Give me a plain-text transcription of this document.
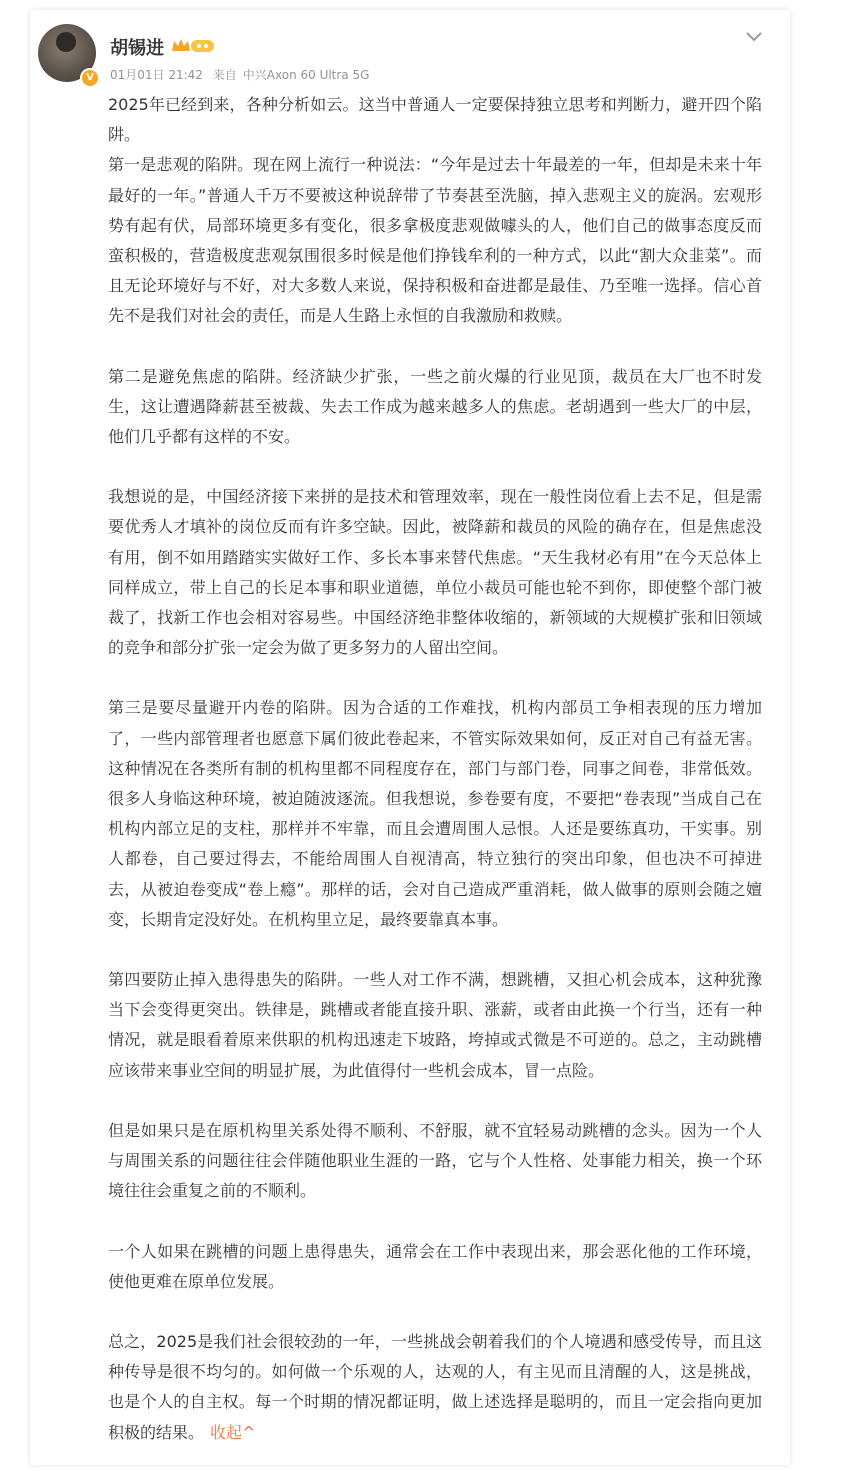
V
胡锡进
01月01日 21:42 来自 中兴Axon 60 Ultra 5G

2025年已经到来，各种分析如云。这当中普通人一定要保持独立思考和判断力，避开四个陷阱。

第一是悲观的陷阱。现在网上流行一种说法：“今年是过去十年最差的一年，但却是未来十年最好的一年。”普通人千万不要被这种说辞带了节奏甚至洗脑，掉入悲观主义的旋涡。宏观形势有起有伏，局部环境更多有变化，很多拿极度悲观做噱头的人，他们自己的做事态度反而蛮积极的，营造极度悲观氛围很多时候是他们挣钱牟利的一种方式，以此“割大众韭菜”。而且无论环境好与不好，对大多数人来说，保持积极和奋进都是最佳、乃至唯一选择。信心首先不是我们对社会的责任，而是人生路上永恒的自我激励和救赎。

第二是避免焦虑的陷阱。经济缺少扩张，一些之前火爆的行业见顶，裁员在大厂也不时发生，这让遭遇降薪甚至被裁、失去工作成为越来越多人的焦虑。老胡遇到一些大厂的中层，他们几乎都有这样的不安。

我想说的是，中国经济接下来拼的是技术和管理效率，现在一般性岗位看上去不足，但是需要优秀人才填补的岗位反而有许多空缺。因此，被降薪和裁员的风险的确存在，但是焦虑没有用，倒不如用踏踏实实做好工作、多长本事来替代焦虑。“天生我材必有用”在今天总体上同样成立，带上自己的长足本事和职业道德，单位小裁员可能也轮不到你，即使整个部门被裁了，找新工作也会相对容易些。中国经济绝非整体收缩的，新领域的大规模扩张和旧领域的竞争和部分扩张一定会为做了更多努力的人留出空间。

第三是要尽量避开内卷的陷阱。因为合适的工作难找，机构内部员工争相表现的压力增加了，一些内部管理者也愿意下属们彼此卷起来，不管实际效果如何，反正对自己有益无害。这种情况在各类所有制的机构里都不同程度存在，部门与部门卷，同事之间卷，非常低效。很多人身临这种环境，被迫随波逐流。但我想说，参卷要有度，不要把“卷表现”当成自己在机构内部立足的支柱，那样并不牢靠，而且会遭周围人忌恨。人还是要练真功，干实事。别人都卷，自己要过得去，不能给周围人自视清高，特立独行的突出印象，但也决不可掉进去，从被迫卷变成“卷上瘾”。那样的话，会对自己造成严重消耗，做人做事的原则会随之嬗变，长期肯定没好处。在机构里立足，最终要靠真本事。

第四要防止掉入患得患失的陷阱。一些人对工作不满，想跳槽，又担心机会成本，这种犹豫当下会变得更突出。铁律是，跳槽或者能直接升职、涨薪，或者由此换一个行当，还有一种情况，就是眼看着原来供职的机构迅速走下坡路，垮掉或式微是不可逆的。总之，主动跳槽应该带来事业空间的明显扩展，为此值得付一些机会成本，冒一点险。

但是如果只是在原机构里关系处得不顺利、不舒服，就不宜轻易动跳槽的念头。因为一个人与周围关系的问题往往会伴随他职业生涯的一路，它与个人性格、处事能力相关，换一个环境往往会重复之前的不顺利。

一个人如果在跳槽的问题上患得患失，通常会在工作中表现出来，那会恶化他的工作环境，使他更难在原单位发展。

总之，2025是我们社会很较劲的一年，一些挑战会朝着我们的个人境遇和感受传导，而且这种传导是很不均匀的。如何做一个乐观的人，达观的人，有主见而且清醒的人，这是挑战，也是个人的自主权。每一个时期的情况都证明，做上述选择是聪明的，而且一定会指向更加积极的结果。 收起^
